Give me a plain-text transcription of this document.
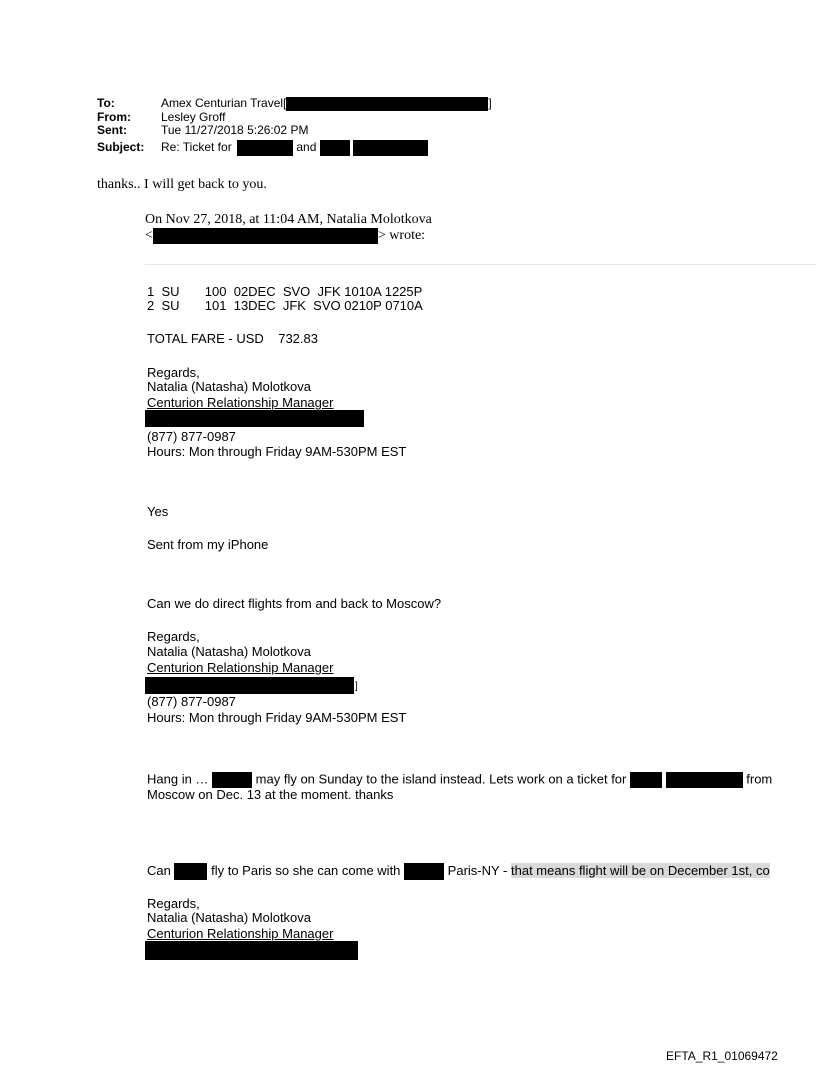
To:	Amex Centurian Travel[	]
From:	Lesley Groff
Sent:	Tue 11/27/2018 5:26:02 PM
Subject: Re: Ticket for	and
thanks.. I will get back to you.
On Nov 27, 2018, at 11:04 AM, Natalia Molotkova
<	> wrote:
1  SU       100  02DEC  SVO  JFK 1010A 1225P
2  SU       101  13DEC  JFK  SVO 0210P 0710A
TOTAL FARE - USD    732.83
Regards,
Natalia (Natasha) Molotkova
Centurion Relationship Manager
(877) 877-0987
Hours: Mon through Friday 9AM-530PM EST
Yes
Sent from my iPhone
Can we do direct flights from and back to Moscow?
Regards,
Natalia (Natasha) Molotkova
Centurion Relationship Manager
]
(877) 877-0987
Hours: Mon through Friday 9AM-530PM EST
Hang in …	may fly on Sunday to the island instead. Lets work on a ticket for	from
Moscow on Dec. 13 at the moment. thanks
Can	fly to Paris so she can come with	Paris-NY - that means flight will be on December 1st, co
Regards,
Natalia (Natasha) Molotkova
Centurion Relationship Manager
EFTA_R1_01069472
